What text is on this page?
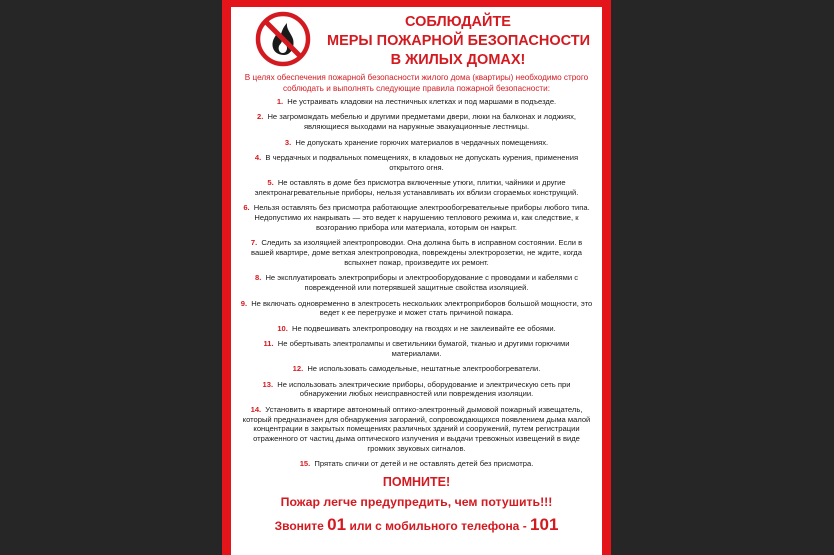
СОБЛЮДАЙТЕ
МЕРЫ ПОЖАРНОЙ БЕЗОПАСНОСТИ
В ЖИЛЫХ ДОМАХ!
В целях обеспечения пожарной безопасности жилого дома (квартиры) необходимо строго соблюдать и выполнять следующие правила пожарной безопасности:
1. Не устраивать кладовки на лестничных клетках и под маршами в подъезде.
2. Не загромождать мебелью и другими предметами двери, люки на балконах и лоджиях, являющиеся выходами на наружные эвакуационные лестницы.
3. Не допускать хранение горючих материалов в чердачных помещениях.
4. В чердачных и подвальных помещениях, в кладовых не допускать курения, применения открытого огня.
5. Не оставлять в доме без присмотра включенные утюги, плитки, чайники и другие электронагревательные приборы, нельзя устанавливать их вблизи сгораемых конструкций.
6. Нельзя оставлять без присмотра работающие электрообогревательные приборы любого типа. Недопустимо их накрывать — это ведет к нарушению теплового режима и, как следствие, к возгоранию прибора или материала, которым он накрыт.
7. Следить за изоляцией электропроводки. Она должна быть в исправном состоянии. Если в вашей квартире, доме ветхая электропроводка, повреждены электророзетки, не ждите, когда вспыхнет пожар, произведите их ремонт.
8. Не эксплуатировать электроприборы и электрооборудование с проводами и кабелями с поврежденной или потерявшей защитные свойства изоляцией.
9. Не включать одновременно в электросеть нескольких электроприборов большой мощности, это ведет к ее перегрузке и может стать причиной пожара.
10. Не подвешивать электропроводку на гвоздях и не заклеивайте ее обоями.
11. Не обертывать электролампы и светильники бумагой, тканью и другими горючими материалами.
12. Не использовать самодельные, нештатные электрообогреватели.
13. Не использовать электрические приборы, оборудование и электрическую сеть при обнаружении любых неисправностей или повреждения изоляции.
14. Установить в квартире автономный оптико-электронный дымовой пожарный извещатель, который предназначен для обнаружения загораний, сопровождающихся появлением дыма малой концентрации в закрытых помещениях различных зданий и сооружений, путем регистрации отраженного от частиц дыма оптического излучения и выдачи тревожных извещений в виде громких звуковых сигналов.
15. Прятать спички от детей и не оставлять детей без присмотра.
ПОМНИТЕ!
Пожар легче предупредить, чем потушить!!!
Звоните 01 или с мобильного телефона - 101
